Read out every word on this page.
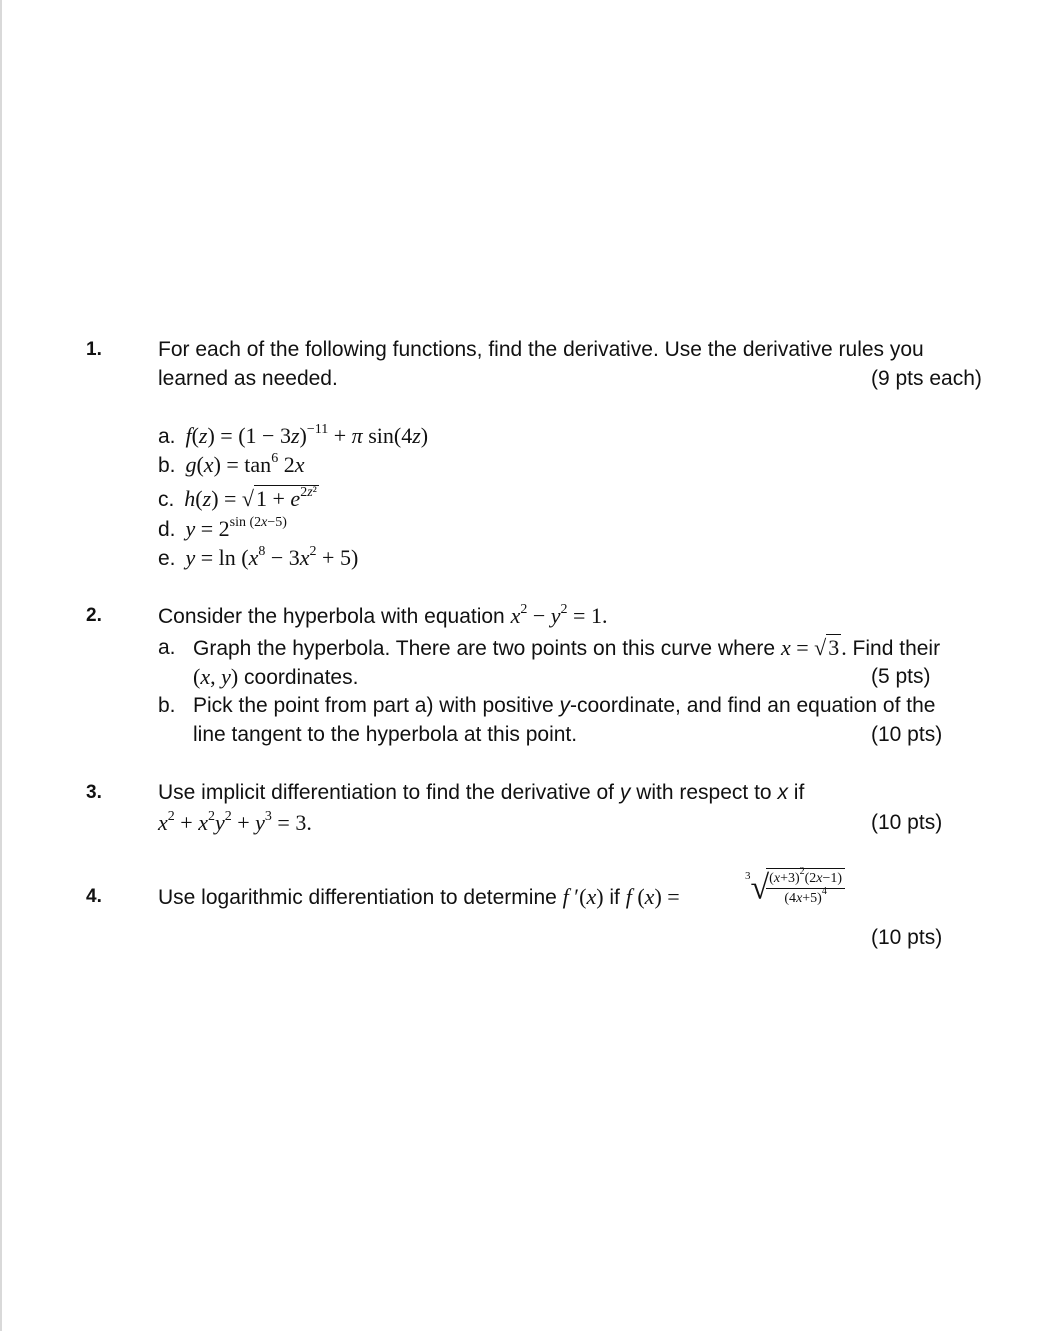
1.	For each of the following functions, find the derivative. Use the derivative rules you
learned as needed.	(9 pts each)
a. $f(z) = (1 - 3z)^{-11} + \pi$ sin(4z)
b. $g(x) = \tan^6 2x$
c. $h(z) = √1 + e^{2z^2}$
d. $y = 2^{sin (2x-5)}$
e. $y = \ln (x^8 - 3x^2 + 5)$
2.	Consider the hyperbola with equation $x^2 - y^2 = 1$.
a. Graph the hyperbola. There are two points on this curve where x = √3. Find their
(x, y) coordinates.	(5 pts)
b. Pick the point from part a) with positive y-coordinate, and find an equation of the
line tangent to the hyperbola at this point.	(10 pts)
3.	Use implicit differentiation to find the derivative of y with respect to x if
$x^2 + x^2y^2 + y^3 = 3$.	(10 pts)
4.	Use logarithmic differentiation to determine f ′(x) if f (x) =
$^3$√
$\frac{(x+3)^2(2x-1)}{(4x+5)^4}$
(10 pts)
